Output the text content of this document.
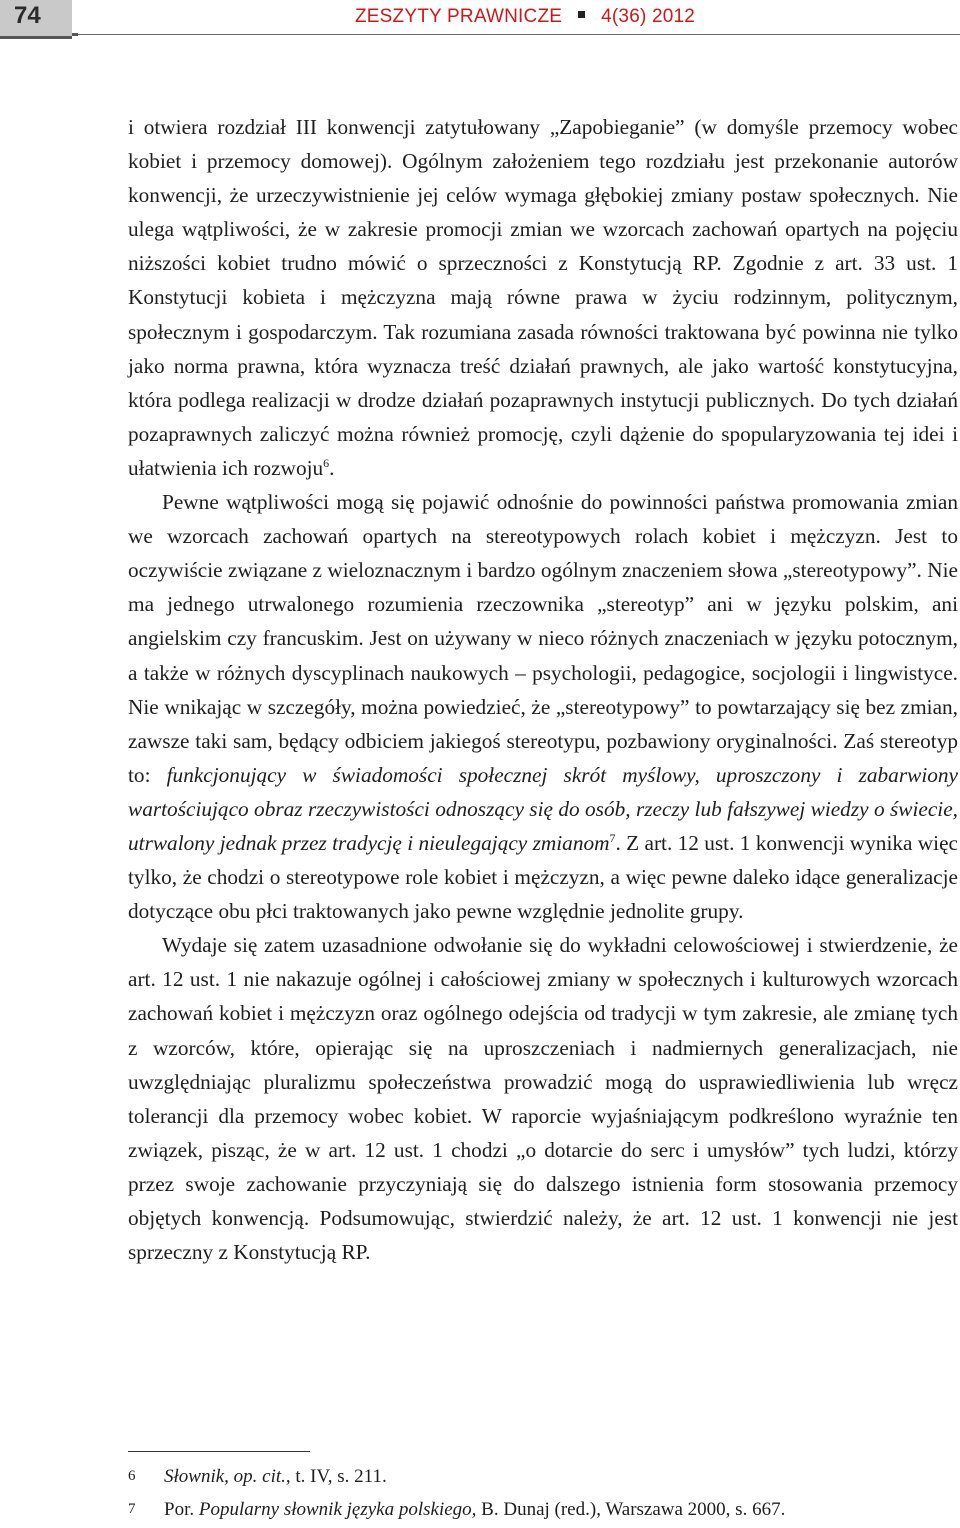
74	ZESZYTY PRAWNICZE 4(36) 2012

i otwiera rozdział III konwencji zatytułowany „Zapobieganie” (w domyśle przemocy wobec kobiet i przemocy domowej). Ogólnym założeniem tego rozdziału jest przekonanie autorów konwencji, że urzeczywistnienie jej celów wymaga głębokiej zmiany postaw społecznych. Nie ulega wątpliwości, że w zakresie promocji zmian we wzorcach zachowań opartych na pojęciu niższości kobiet trudno mówić o sprzeczności z Konstytucją RP. Zgodnie z art. 33 ust. 1 Konstytucji kobieta i mężczyzna mają równe prawa w życiu rodzinnym, politycznym, społecznym i gospodarczym. Tak rozumiana zasada równości traktowana być powinna nie tylko jako norma prawna, która wyznacza treść działań prawnych, ale jako wartość konstytucyjna, która podlega realizacji w drodze działań pozaprawnych instytucji publicznych. Do tych działań pozaprawnych zaliczyć można również promocję, czyli dążenie do spopularyzowania tej idei i ułatwienia ich rozwoju$^6$.

Pewne wątpliwości mogą się pojawić odnośnie do powinności państwa promowania zmian we wzorcach zachowań opartych na stereotypowych rolach kobiet i mężczyzn. Jest to oczywiście związane z wieloznacznym i bardzo ogólnym znaczeniem słowa „stereotypowy”. Nie ma jednego utrwalonego rozumienia rzeczownika „stereotyp” ani w języku polskim, ani angielskim czy francuskim. Jest on używany w nieco różnych znaczeniach w języku potocznym, a także w różnych dyscyplinach naukowych – psychologii, pedagogice, socjologii i lingwistyce. Nie wnikając w szczegóły, można powiedzieć, że „stereotypowy” to powtarzający się bez zmian, zawsze taki sam, będący odbiciem jakiegoś stereotypu, pozbawiony oryginalności. Zaś stereotyp to: funkcjonujący w świadomości społecznej skrót myślowy, uproszczony i zabarwiony wartościująco obraz rzeczywistości odnoszący się do osób, rzeczy lub fałszywej wiedzy o świecie, utrwalony jednak przez tradycję i nieulegający zmianom$^7$. Z art. 12 ust. 1 konwencji wynika więc tylko, że chodzi o stereotypowe role kobiet i mężczyzn, a więc pewne daleko idące generalizacje dotyczące obu płci traktowanych jako pewne względnie jednolite grupy.

Wydaje się zatem uzasadnione odwołanie się do wykładni celowościowej i stwierdzenie, że art. 12 ust. 1 nie nakazuje ogólnej i całościowej zmiany w społecznych i kulturowych wzorcach zachowań kobiet i mężczyzn oraz ogólnego odejścia od tradycji w tym zakresie, ale zmianę tych z wzorców, które, opierając się na uproszczeniach i nadmiernych generalizacjach, nie uwzględniając pluralizmu społeczeństwa prowadzić mogą do usprawiedliwienia lub wręcz tolerancji dla przemocy wobec kobiet. W raporcie wyjaśniającym podkreślono wyraźnie ten związek, pisząc, że w art. 12 ust. 1 chodzi „o dotarcie do serc i umysłów” tych ludzi, którzy przez swoje zachowanie przyczyniają się do dalszego istnienia form stosowania przemocy objętych konwencją. Podsumowując, stwierdzić należy, że art. 12 ust. 1 konwencji nie jest sprzeczny z Konstytucją RP.

6 Słownik, op. cit., t. IV, s. 211.
7 Por. Popularny słownik języka polskiego, B. Dunaj (red.), Warszawa 2000, s. 667.
